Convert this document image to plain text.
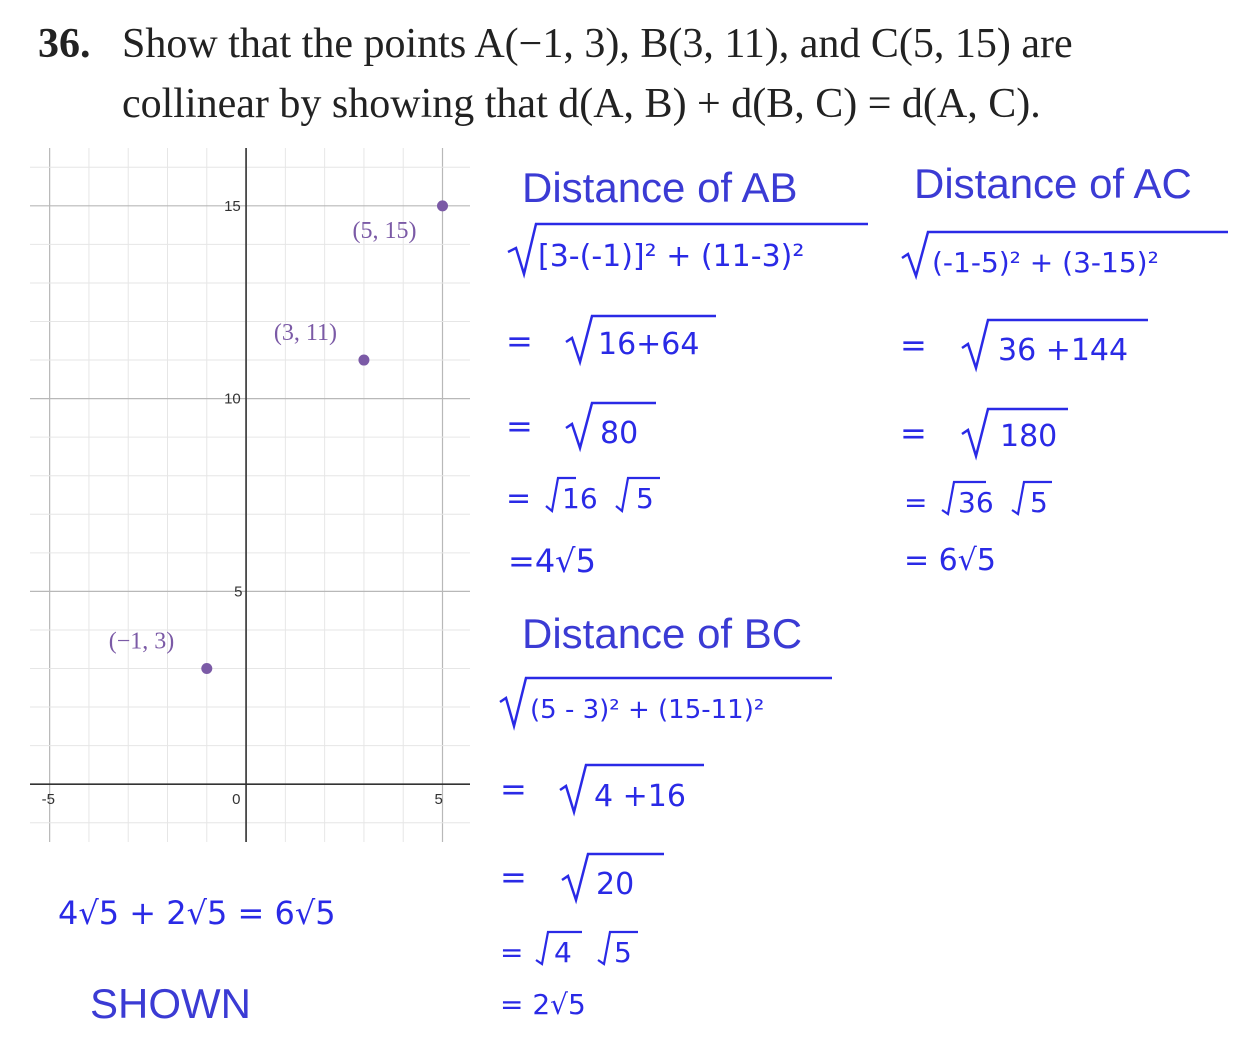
36. Show that the points A(−1, 3), B(3, 11), and C(5, 15) are
collinear by showing that d(A, B) + d(B, C) = d(A, C).
-5	0	5
5
10
15
(−1, 3)
(3, 11)
(5, 15)
Distance of AB
[3-(-1)]² + (11-3)²
= 16+64
= 80
= 16 5
=4√5
Distance of AC
(-1-5)² + (3-15)²
= 36 +144
= 180
= 36 5
= 6√5
Distance of BC
(5 - 3)² + (15-11)²
= 4 +16
= 20
= 4 5
= 2√5
4√5 + 2√5 = 6√5
SHOWN
